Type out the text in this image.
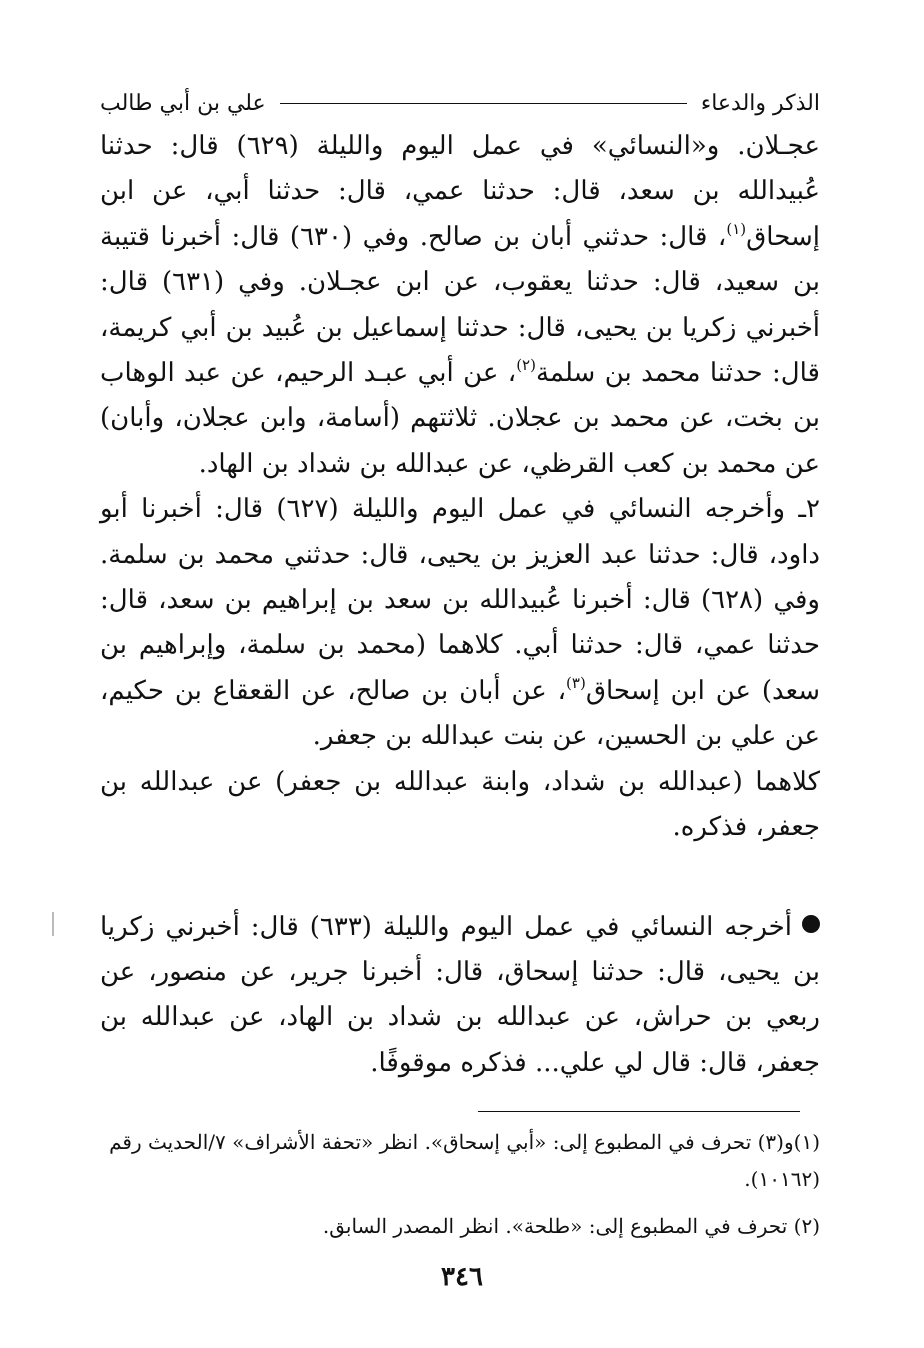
الذكر والدعاء
علي بن أبي طالب

عجـلان. و«النسائي» في عمل اليوم والليلة (٦٢٩) قال: حدثنا عُبيدالله بن سعد، قال: حدثنا عمي، قال: حدثنا أبي، عن ابن إسحاق$^{(١)}$، قال: حدثني أبان بن صالح. وفي (٦٣٠) قال: أخبرنا قتيبة بن سعيد، قال: حدثنا يعقوب، عن ابن عجـلان. وفي (٦٣١) قال: أخبرني زكريا بن يحيى، قال: حدثنا إسماعيل بن عُبيد بن أبي كريمة، قال: حدثنا محمد بن سلمة$^{(٢)}$، عن أبي عبـد الرحيم، عن عبد الوهاب بن بخت، عن محمد بن عجلان. ثلاثتهم (أسامة، وابن عجلان، وأبان) عن محمد بن كعب القرظي، عن عبدالله بن شداد بن الهاد.

٢ـ وأخرجه النسائي في عمل اليوم والليلة (٦٢٧) قال: أخبرنا أبو داود، قال: حدثنا عبد العزيز بن يحيى، قال: حدثني محمد بن سلمة. وفي (٦٢٨) قال: أخبرنا عُبيدالله بن سعد بن إبراهيم بن سعد، قال: حدثنا عمي، قال: حدثنا أبي. كلاهما (محمد بن سلمة، وإبراهيم بن سعد) عن ابن إسحاق$^{(٣)}$، عن أبان بن صالح، عن القعقاع بن حكيم، عن علي بن الحسين، عن بنت عبدالله بن جعفر.

كلاهما (عبدالله بن شداد، وابنة عبدالله بن جعفر) عن عبدالله بن جعفر، فذكره.

أخرجه النسائي في عمل اليوم والليلة (٦٣٣) قال: أخبرني زكريا بن يحيى، قال: حدثنا إسحاق، قال: أخبرنا جرير، عن منصور، عن ربعي بن حراش، عن عبدالله بن شداد بن الهاد، عن عبدالله بن جعفر، قال: قال لي علي... فذكره موقوفًا.

(١)و(٣) تحرف في المطبوع إلى: «أبي إسحاق». انظر «تحفة الأشراف» ٧/الحديث رقم (١٠١٦٢).

(٢) تحرف في المطبوع إلى: «طلحة». انظر المصدر السابق.

٣٤٦
